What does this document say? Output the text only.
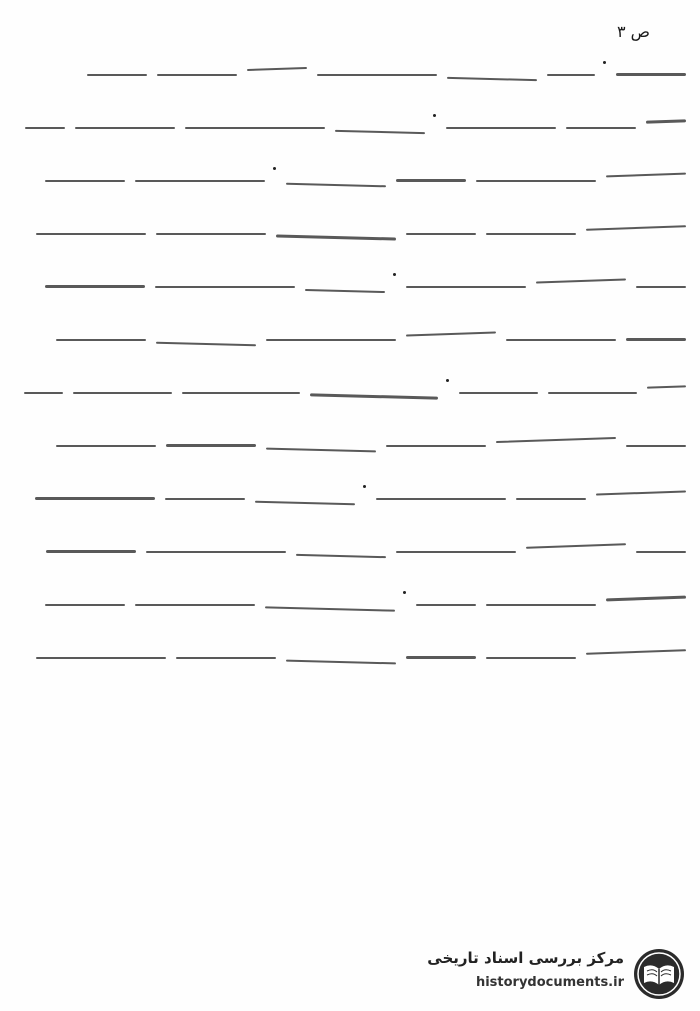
ص ۳
مرکز بررسی اسناد تاریخی
historydocuments.ir
